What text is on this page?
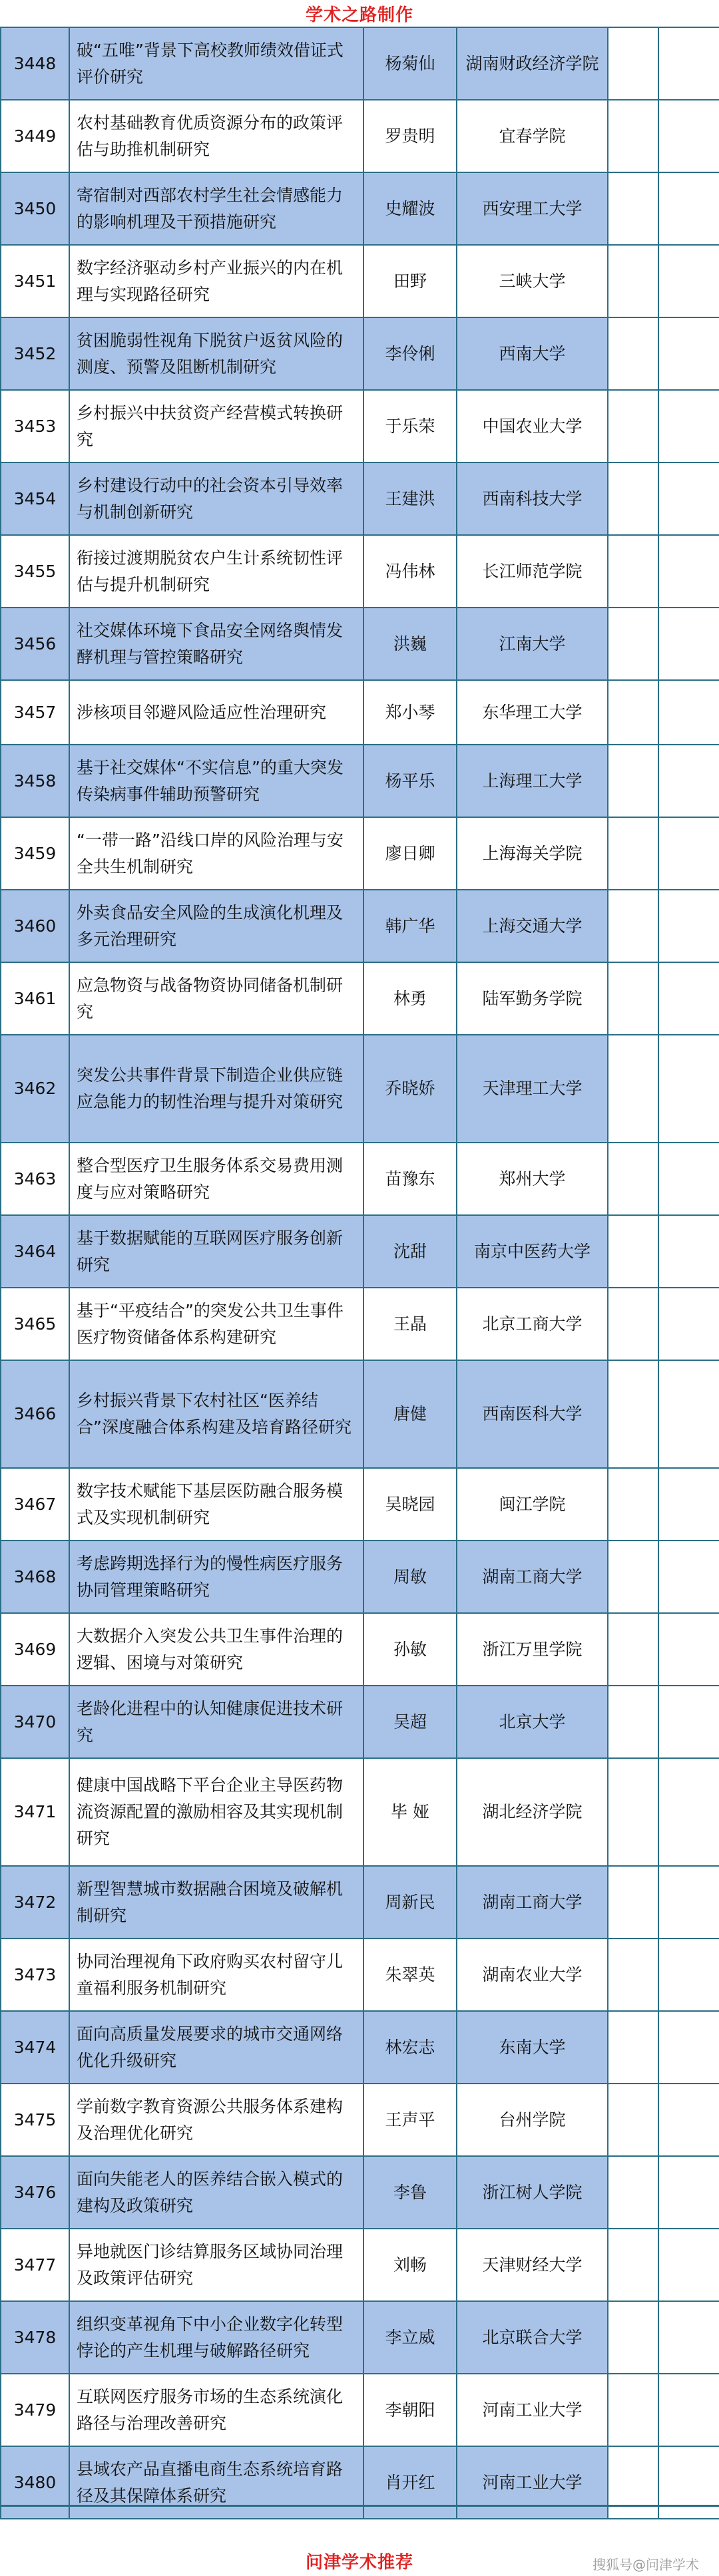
学术之路制作
3448	破“五唯”背景下高校教师绩效借证式评价研究	杨菊仙	湖南财政经济学院		
3449	农村基础教育优质资源分布的政策评估与助推机制研究	罗贵明	宜春学院		
3450	寄宿制对西部农村学生社会情感能力的影响机理及干预措施研究	史耀波	西安理工大学		
3451	数字经济驱动乡村产业振兴的内在机理与实现路径研究	田野	三峡大学		
3452	贫困脆弱性视角下脱贫户返贫风险的测度、预警及阻断机制研究	李伶俐	西南大学		
3453	乡村振兴中扶贫资产经营模式转换研究	于乐荣	中国农业大学		
3454	乡村建设行动中的社会资本引导效率与机制创新研究	王建洪	西南科技大学		
3455	衔接过渡期脱贫农户生计系统韧性评估与提升机制研究	冯伟林	长江师范学院		
3456	社交媒体环境下食品安全网络舆情发酵机理与管控策略研究	洪巍	江南大学		
3457	涉核项目邻避风险适应性治理研究	郑小琴	东华理工大学		
3458	基于社交媒体“不实信息”的重大突发传染病事件辅助预警研究	杨平乐	上海理工大学		
3459	“一带一路”沿线口岸的风险治理与安全共生机制研究	廖日卿	上海海关学院		
3460	外卖食品安全风险的生成演化机理及多元治理研究	韩广华	上海交通大学		
3461	应急物资与战备物资协同储备机制研究	林勇	陆军勤务学院		
3462	突发公共事件背景下制造企业供应链应急能力的韧性治理与提升对策研究	乔晓娇	天津理工大学		
3463	整合型医疗卫生服务体系交易费用测度与应对策略研究	苗豫东	郑州大学		
3464	基于数据赋能的互联网医疗服务创新研究	沈甜	南京中医药大学		
3465	基于“平疫结合”的突发公共卫生事件医疗物资储备体系构建研究	王晶	北京工商大学		
3466	乡村振兴背景下农村社区“医养结合”深度融合体系构建及培育路径研究	唐健	西南医科大学		
3467	数字技术赋能下基层医防融合服务模式及实现机制研究	吴晓园	闽江学院		
3468	考虑跨期选择行为的慢性病医疗服务协同管理策略研究	周敏	湖南工商大学		
3469	大数据介入突发公共卫生事件治理的逻辑、困境与对策研究	孙敏	浙江万里学院		
3470	老龄化进程中的认知健康促进技术研究	吴超	北京大学		
3471	健康中国战略下平台企业主导医药物流资源配置的激励相容及其实现机制研究	毕 娅	湖北经济学院		
3472	新型智慧城市数据融合困境及破解机制研究	周新民	湖南工商大学		
3473	协同治理视角下政府购买农村留守儿童福利服务机制研究	朱翠英	湖南农业大学		
3474	面向高质量发展要求的城市交通网络优化升级研究	林宏志	东南大学		
3475	学前数字教育资源公共服务体系建构及治理优化研究	王声平	台州学院		
3476	面向失能老人的医养结合嵌入模式的建构及政策研究	李鲁	浙江树人学院		
3477	异地就医门诊结算服务区域协同治理及政策评估研究	刘畅	天津财经大学		
3478	组织变革视角下中小企业数字化转型悖论的产生机理与破解路径研究	李立威	北京联合大学		
3479	互联网医疗服务市场的生态系统演化路径与治理改善研究	李朝阳	河南工业大学		
3480	县域农产品直播电商生态系统培育路径及其保障体系研究	肖开红	河南工业大学		
问津学术推荐	搜狐号@问津学术
